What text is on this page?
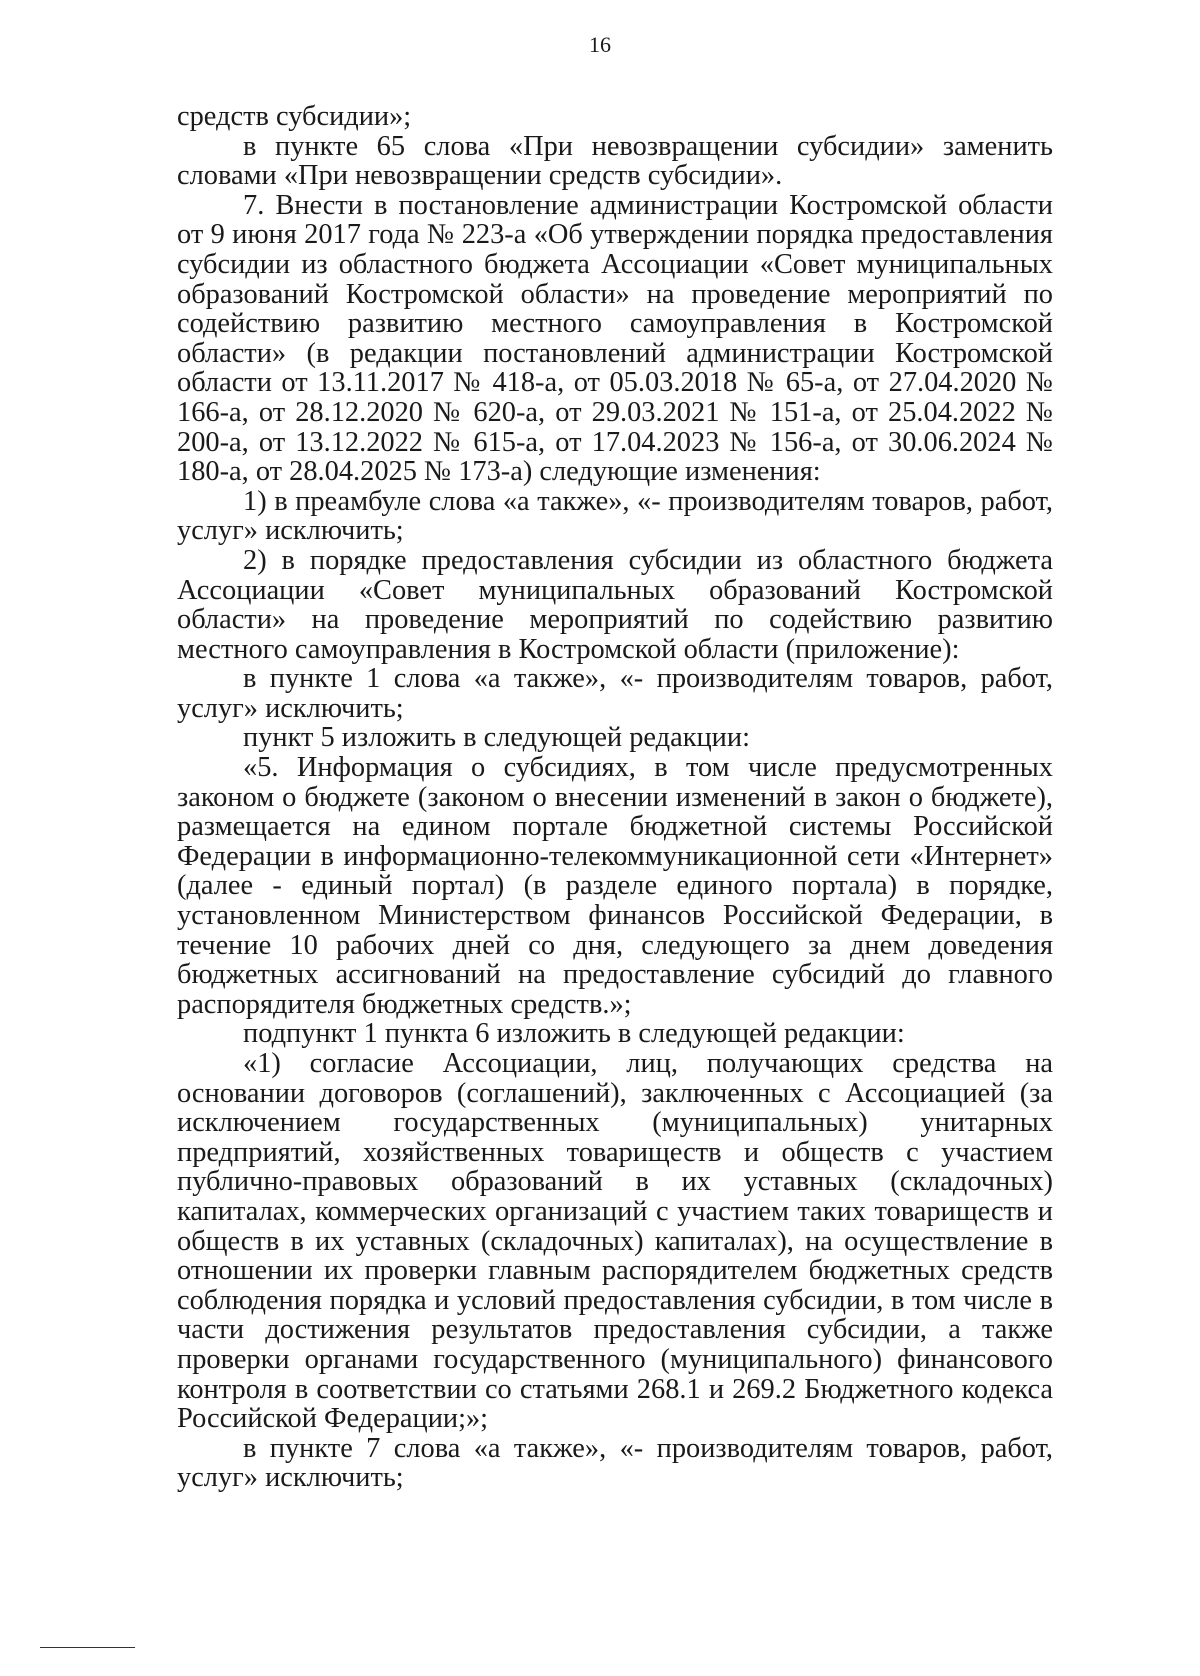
16

средств субсидии»;

в пункте 65 слова «При невозвращении субсидии» заменить словами «При невозвращении средств субсидии».

7. Внести в постановление администрации Костромской области от 9 июня 2017 года № 223-а «Об утверждении порядка предоставления субсидии из областного бюджета Ассоциации «Совет муниципальных образований Костромской области» на проведение мероприятий по содействию развитию местного самоуправления в Костромской области» (в редакции постановлений администрации Костромской области от 13.11.2017 № 418-а, от 05.03.2018 № 65-а, от 27.04.2020 № 166-а, от 28.12.2020 № 620-а, от 29.03.2021 № 151-а, от 25.04.2022 № 200-а, от 13.12.2022 № 615-а, от 17.04.2023 № 156-а, от 30.06.2024 № 180-а, от 28.04.2025 № 173-а) следующие изменения:

1) в преамбуле слова «а также», «- производителям товаров, работ, услуг» исключить;

2) в порядке предоставления субсидии из областного бюджета Ассоциации «Совет муниципальных образований Костромской области» на проведение мероприятий по содействию развитию местного самоуправления в Костромской области (приложение):

в пункте 1 слова «а также», «- производителям товаров, работ, услуг» исключить;

пункт 5 изложить в следующей редакции:

«5. Информация о субсидиях, в том числе предусмотренных законом о бюджете (законом о внесении изменений в закон о бюджете), размещается на едином портале бюджетной системы Российской Федерации в информационно-телекоммуникационной сети «Интернет» (далее - единый портал) (в разделе единого портала) в порядке, установленном Министерством финансов Российской Федерации, в течение 10 рабочих дней со дня, следующего за днем доведения бюджетных ассигнований на предоставление субсидий до главного распорядителя бюджетных средств.»;

подпункт 1 пункта 6 изложить в следующей редакции:

«1) согласие Ассоциации, лиц, получающих средства на основании договоров (соглашений), заключенных с Ассоциацией (за исключением государственных (муниципальных) унитарных предприятий, хозяйственных товариществ и обществ с участием публично-правовых образований в их уставных (складочных) капиталах, коммерческих организаций с участием таких товариществ и обществ в их уставных (складочных) капиталах), на осуществление в отношении их проверки главным распорядителем бюджетных средств соблюдения порядка и условий предоставления субсидии, в том числе в части достижения результатов предоставления субсидии, а также проверки органами государственного (муниципального) финансового контроля в соответствии со статьями 268.1 и 269.2 Бюджетного кодекса Российской Федерации;»;

в пункте 7 слова «а также», «- производителям товаров, работ, услуг» исключить;
